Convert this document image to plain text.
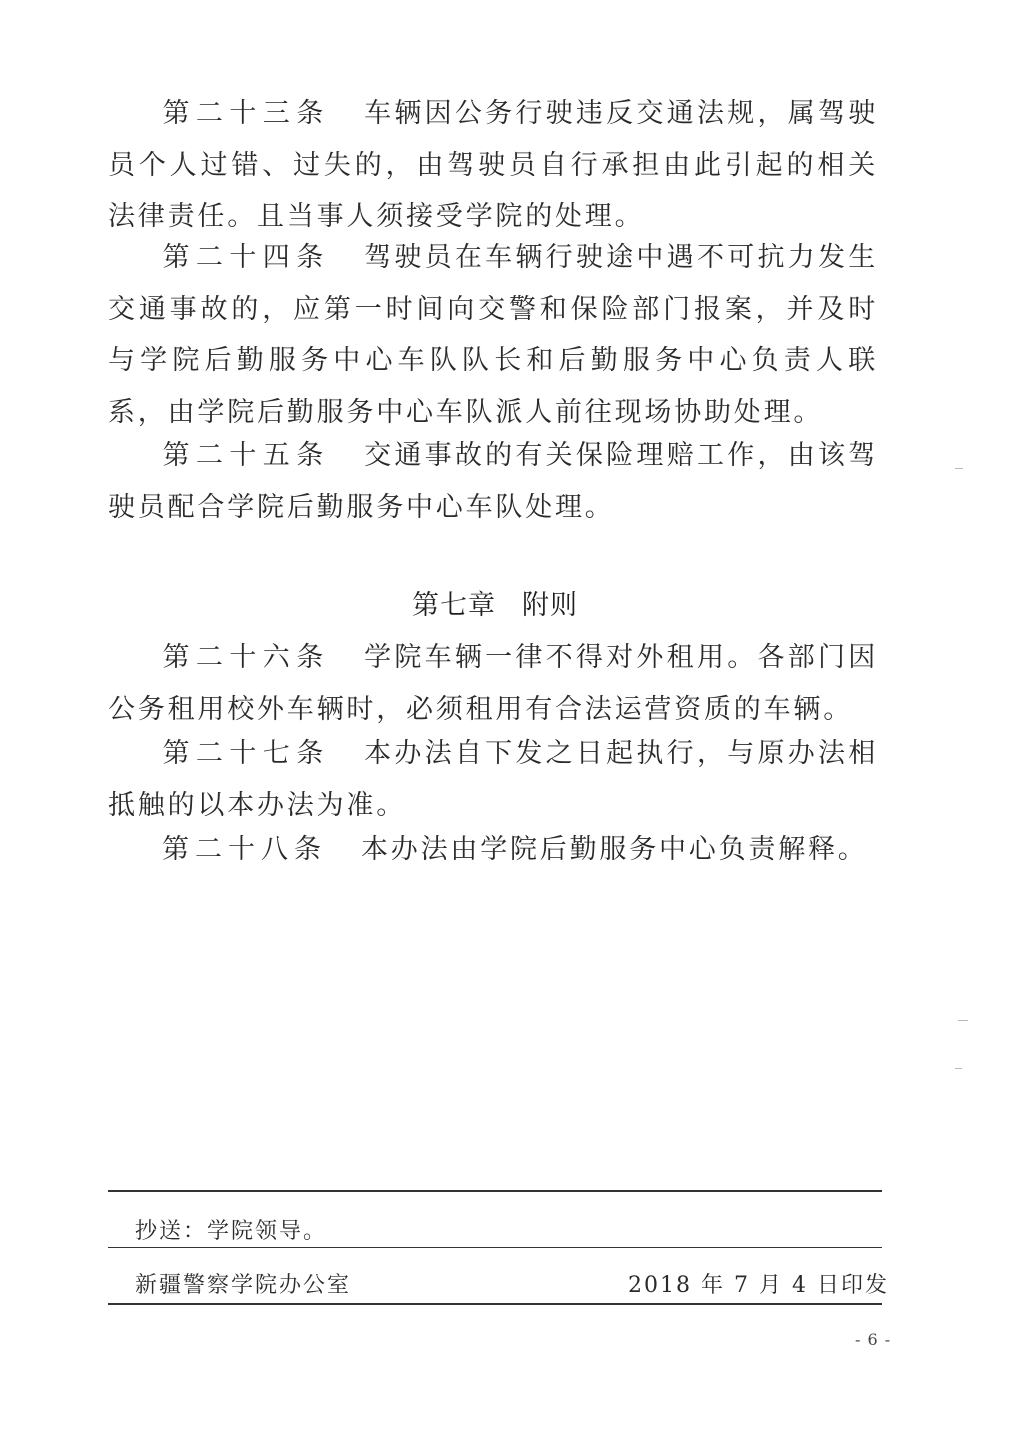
第二十三条 车辆因公务行驶违反交通法规，属驾驶员个人过错、过失的，由驾驶员自行承担由此引起的相关法律责任。且当事人须接受学院的处理。

第二十四条 驾驶员在车辆行驶途中遇不可抗力发生交通事故的，应第一时间向交警和保险部门报案，并及时与学院后勤服务中心车队队长和后勤服务中心负责人联系，由学院后勤服务中心车队派人前往现场协助处理。

第二十五条 交通事故的有关保险理赔工作，由该驾驶员配合学院后勤服务中心车队处理。

第七章 附则

第二十六条 学院车辆一律不得对外租用。各部门因公务租用校外车辆时，必须租用有合法运营资质的车辆。

第二十七条 本办法自下发之日起执行，与原办法相抵触的以本办法为准。

第二十八条 本办法由学院后勤服务中心负责解释。

抄送：学院领导。

新疆警察学院办公室	2018 年 7 月 4 日印发

- 6 -
